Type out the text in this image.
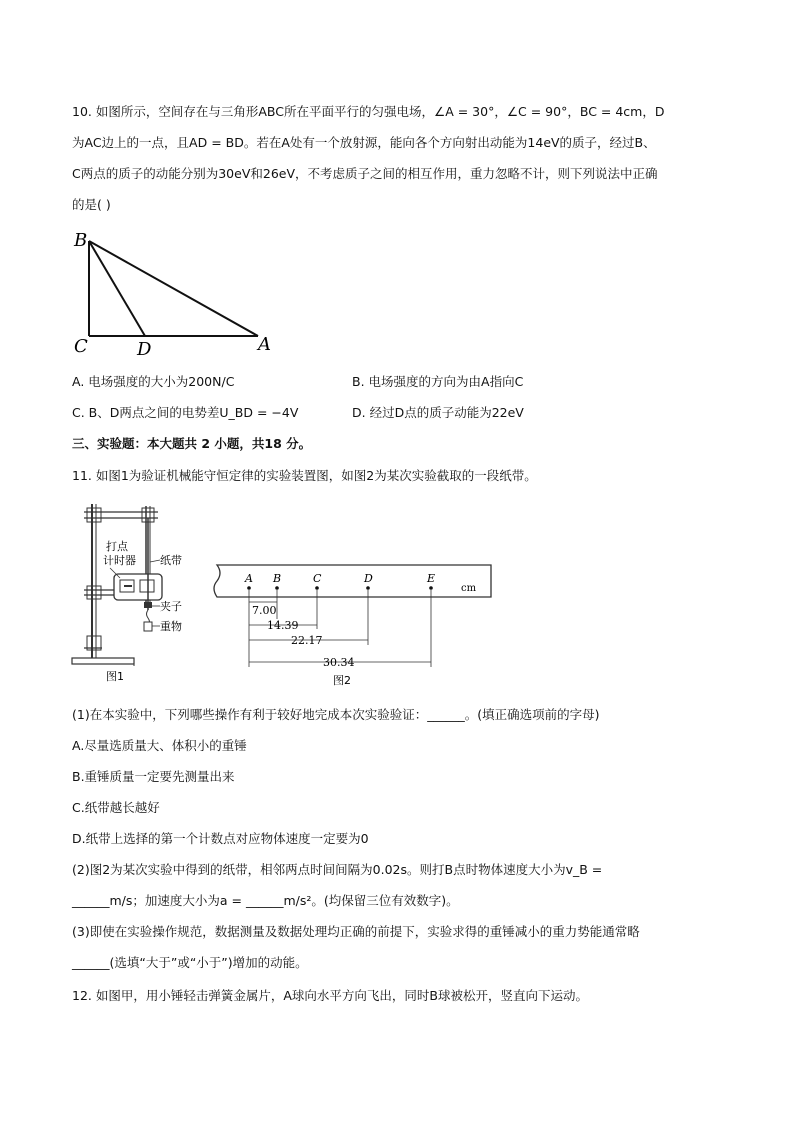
10. 如图所示，空间存在与三角形ABC所在平面平行的匀强电场，∠A = 30°，∠C = 90°，BC = 4cm，D
为AC边上的一点，且AD = BD。若在A处有一个放射源，能向各个方向射出动能为14eV的质子，经过B、
C两点的质子的动能分别为30eV和26eV，不考虑质子之间的相互作用，重力忽略不计，则下列说法中正确
的是( )
B
C	D	A
A. 电场强度的大小为200N/C	B. 电场强度的方向为由A指向C
C. B、D两点之间的电势差U_BD = −4V	D. 经过D点的质子动能为22eV
三、实验题：本大题共 2 小题，共18 分。
11. 如图1为验证机械能守恒定律的实验装置图，如图2为某次实验截取的一段纸带。
打点
计时器 纸带
夹子
重物
图1
A B	C	D	E
cm
7.00
14.39
22.17
30.34
图2
(1)在本实验中，下列哪些操作有利于较好地完成本次实验验证：______。(填正确选项前的字母)
A.尽量选质量大、体积小的重锤
B.重锤质量一定要先测量出来
C.纸带越长越好
D.纸带上选择的第一个计数点对应物体速度一定要为0
(2)图2为某次实验中得到的纸带，相邻两点时间间隔为0.02s。则打B点时物体速度大小为v_B =
______m/s；加速度大小为a = ______m/s²。(均保留三位有效数字)。
(3)即使在实验操作规范，数据测量及数据处理均正确的前提下，实验求得的重锤减小的重力势能通常略
______(选填“大于”或“小于”)增加的动能。
12. 如图甲，用小锤轻击弹簧金属片，A球向水平方向飞出，同时B球被松开，竖直向下运动。
